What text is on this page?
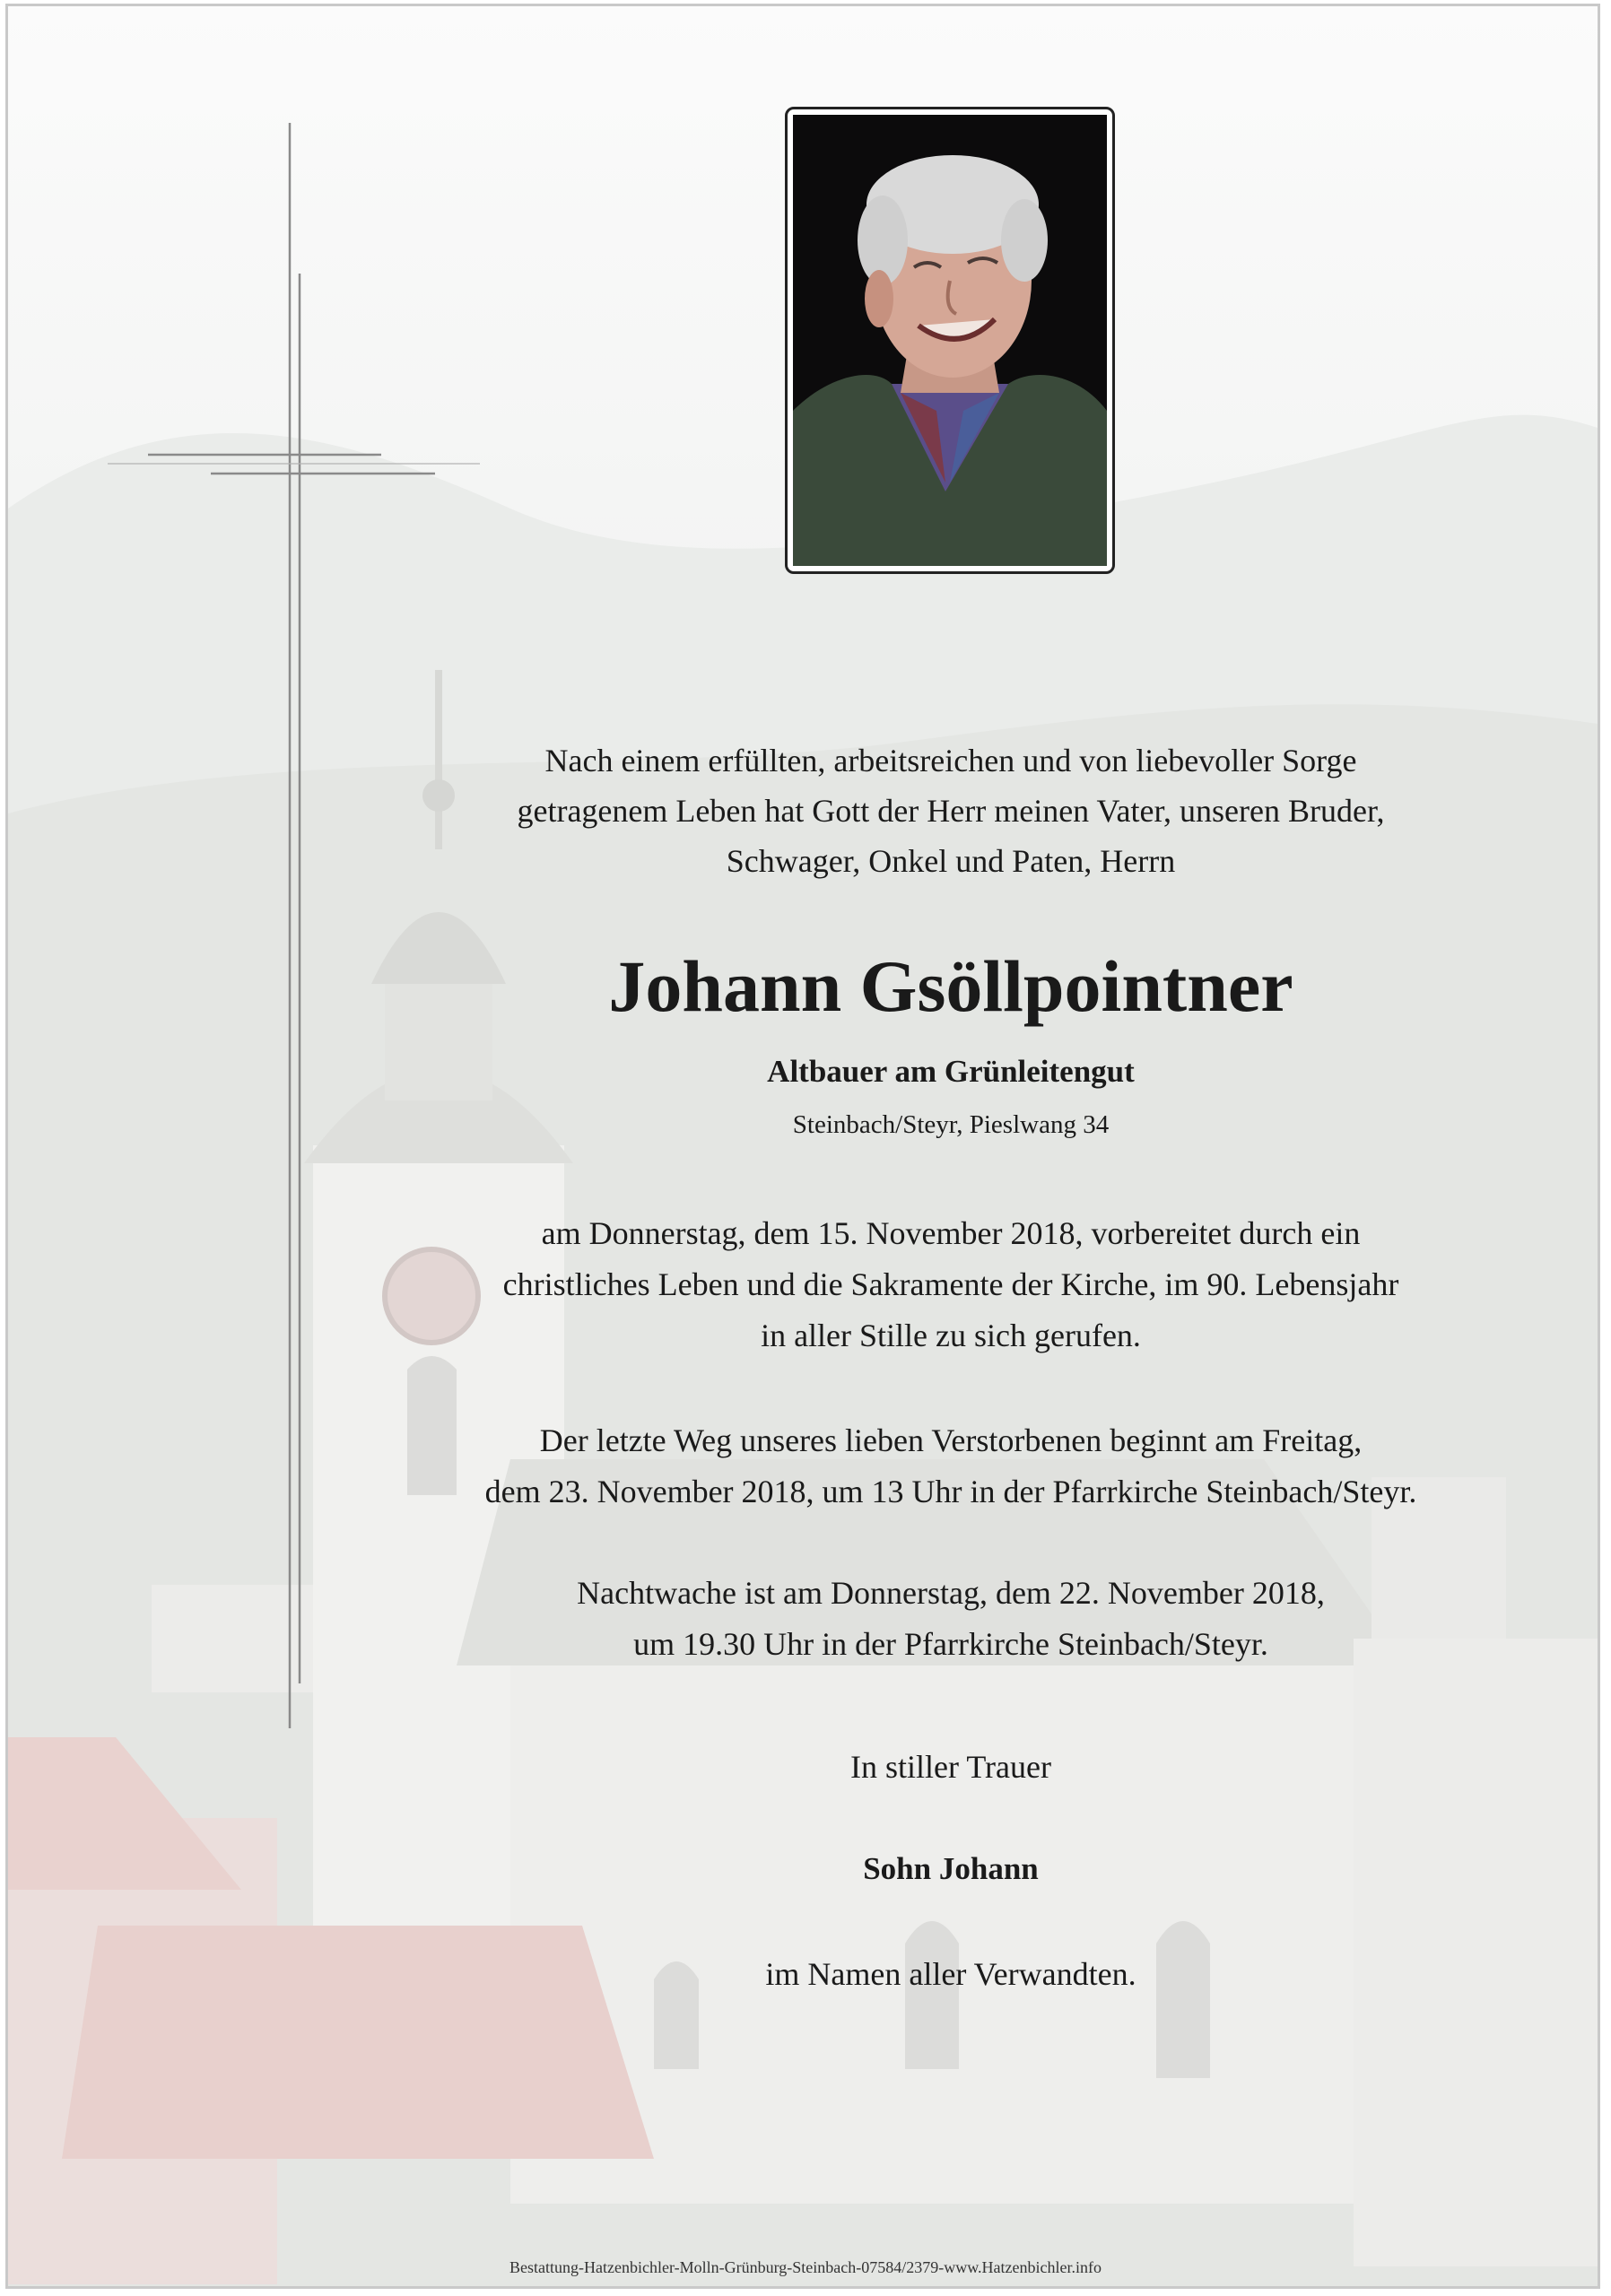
Nach einem erfüllten, arbeitsreichen und von liebevoller Sorge
getragenem Leben hat Gott der Herr meinen Vater, unseren Bruder,
Schwager, Onkel und Paten, Herrn
Johann Gsöllpointner
Altbauer am Grünleitengut
Steinbach/Steyr, Pieslwang 34
am Donnerstag, dem 15. November 2018, vorbereitet durch ein
christliches Leben und die Sakramente der Kirche, im 90. Lebensjahr
in aller Stille zu sich gerufen.
Der letzte Weg unseres lieben Verstorbenen beginnt am Freitag,
dem 23. November 2018, um 13 Uhr in der Pfarrkirche Steinbach/Steyr.
Nachtwache ist am Donnerstag, dem 22. November 2018,
um 19.30 Uhr in der Pfarrkirche Steinbach/Steyr.
In stiller Trauer
Sohn Johann
im Namen aller Verwandten.
Bestattung-Hatzenbichler-Molln-Grünburg-Steinbach-07584/2379-www.Hatzenbichler.info
